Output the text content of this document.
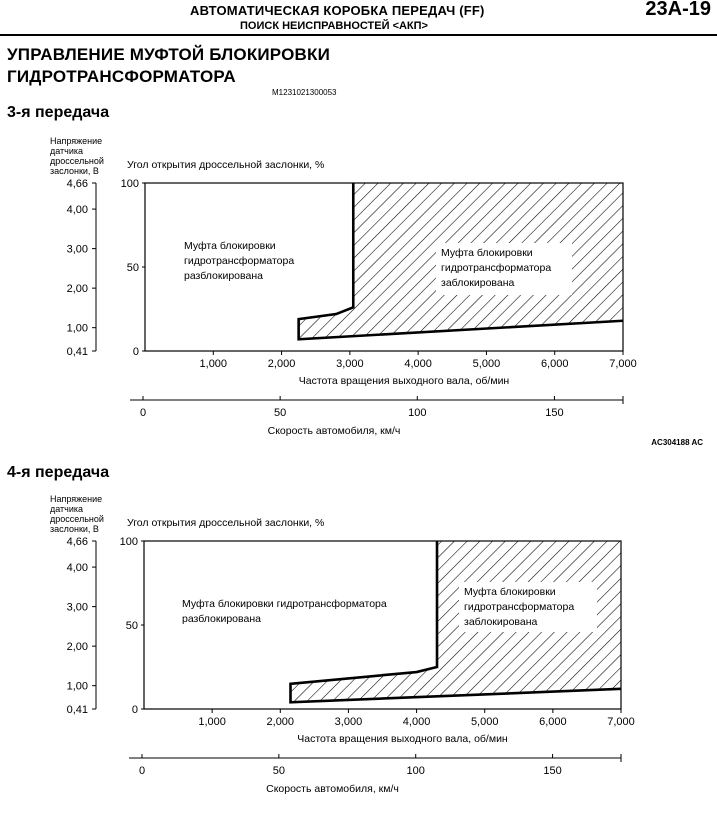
АВТОМАТИЧЕСКАЯ КОРОБКА ПЕРЕДАЧ (FF)
ПОИСК НЕИСПРАВНОСТЕЙ <АКП>
23A-19
УПРАВЛЕНИЕ МУФТОЙ БЛОКИРОВКИ
ГИДРОТРАНСФОРМАТОРА
M1231021300053
3-я передача
Напряжение
датчика
дроссельной
заслонки, В	Угол открытия дроссельной заслонки, %
4,66
4,00
3,00
2,00
1,00
0,41
100
50
0
Муфта блокировки
гидротрансформатора
заблокирована
Муфта блокировки
гидротрансформатора
разблокирована
1,000	2,000	3,000	4,000	5,000	6,000	7,000
Частота вращения выходного вала, об/мин
0	50	100	150
Скорость автомобиля, км/ч
AC304188 AC
4-я передача
Напряжение
датчика
дроссельной
заслонки, В	Угол открытия дроссельной заслонки, %
4,66
4,00
3,00
2,00
1,00
0,41
100
50
0
Муфта блокировки
гидротрансформатора
заблокирована
Муфта блокировки гидротрансформатора
разблокирована
1,000	2,000	3,000	4,000	5,000	6,000	7,000
Частота вращения выходного вала, об/мин
0	50	100	150
Скорость автомобиля, км/ч
